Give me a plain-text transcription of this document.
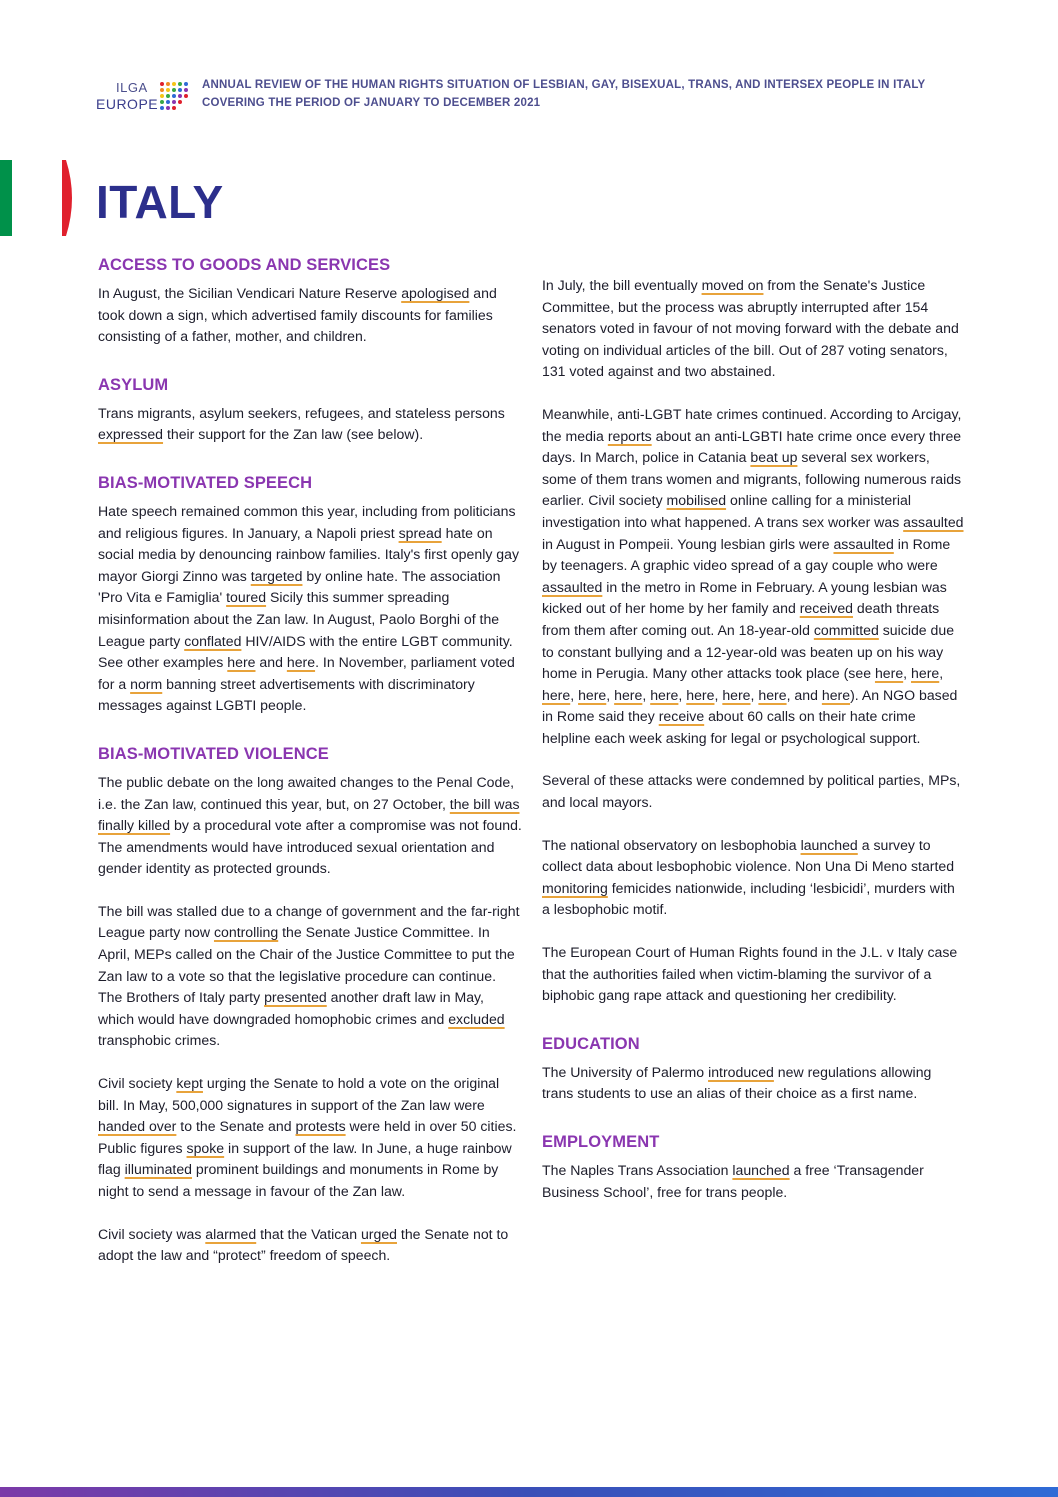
ILGA
EUROPE
ANNUAL REVIEW OF THE HUMAN RIGHTS SITUATION OF LESBIAN, GAY, BISEXUAL, TRANS, AND INTERSEX PEOPLE IN ITALY
COVERING THE PERIOD OF JANUARY TO DECEMBER 2021
ITALY
ACCESS TO GOODS AND SERVICES

In August, the Sicilian Vendicari Nature Reserve apologised and took down a sign, which advertised family discounts for families consisting of a father, mother, and children.

ASYLUM

Trans migrants, asylum seekers, refugees, and stateless persons expressed their support for the Zan law (see below).

BIAS-MOTIVATED SPEECH

Hate speech remained common this year, including from politicians and religious figures. In January, a Napoli priest spread hate on social media by denouncing rainbow families. Italy's first openly gay mayor Giorgi Zinno was targeted by online hate. The association 'Pro Vita e Famiglia' toured Sicily this summer spreading misinformation about the Zan law. In August, Paolo Borghi of the League party conflated HIV/AIDS with the entire LGBT community. See other examples here and here. In November, parliament voted for a norm banning street advertisements with discriminatory messages against LGBTI people.

BIAS-MOTIVATED VIOLENCE

The public debate on the long awaited changes to the Penal Code, i.e. the Zan law, continued this year, but, on 27 October, the bill was finally killed by a procedural vote after a compromise was not found. The amendments would have introduced sexual orientation and gender identity as protected grounds.

The bill was stalled due to a change of government and the far-right League party now controlling the Senate Justice Committee. In April, MEPs called on the Chair of the Justice Committee to put the Zan law to a vote so that the legislative procedure can continue. The Brothers of Italy party presented another draft law in May, which would have downgraded homophobic crimes and excluded transphobic crimes.

Civil society kept urging the Senate to hold a vote on the original bill. In May, 500,000 signatures in support of the Zan law were handed over to the Senate and protests were held in over 50 cities. Public figures spoke in support of the law. In June, a huge rainbow flag illuminated prominent buildings and monuments in Rome by night to send a message in favour of the Zan law.

Civil society was alarmed that the Vatican urged the Senate not to adopt the law and “protect” freedom of speech.

In July, the bill eventually moved on from the Senate's Justice Committee, but the process was abruptly interrupted after 154 senators voted in favour of not moving forward with the debate and voting on individual articles of the bill. Out of 287 voting senators, 131 voted against and two abstained.

Meanwhile, anti-LGBT hate crimes continued. According to Arcigay, the media reports about an anti-LGBTI hate crime once every three days. In March, police in Catania beat up several sex workers, some of them trans women and migrants, following numerous raids earlier. Civil society mobilised online calling for a ministerial investigation into what happened. A trans sex worker was assaulted in August in Pompeii. Young lesbian girls were assaulted in Rome by teenagers. A graphic video spread of a gay couple who were assaulted in the metro in Rome in February. A young lesbian was kicked out of her home by her family and received death threats from them after coming out. An 18-year-old committed suicide due to constant bullying and a 12-year-old was beaten up on his way home in Perugia. Many other attacks took place (see here, here, here, here, here, here, here, here, here, and here). An NGO based in Rome said they receive about 60 calls on their hate crime helpline each week asking for legal or psychological support.

Several of these attacks were condemned by political parties, MPs, and local mayors.

The national observatory on lesbophobia launched a survey to collect data about lesbophobic violence. Non Una Di Meno started monitoring femicides nationwide, including ‘lesbicidi’, murders with a lesbophobic motif.

The European Court of Human Rights found in the J.L. v Italy case that the authorities failed when victim-blaming the survivor of a biphobic gang rape attack and questioning her credibility.

EDUCATION

The University of Palermo introduced new regulations allowing trans students to use an alias of their choice as a first name.

EMPLOYMENT

The Naples Trans Association launched a free ‘Transagender Business School’, free for trans people.
